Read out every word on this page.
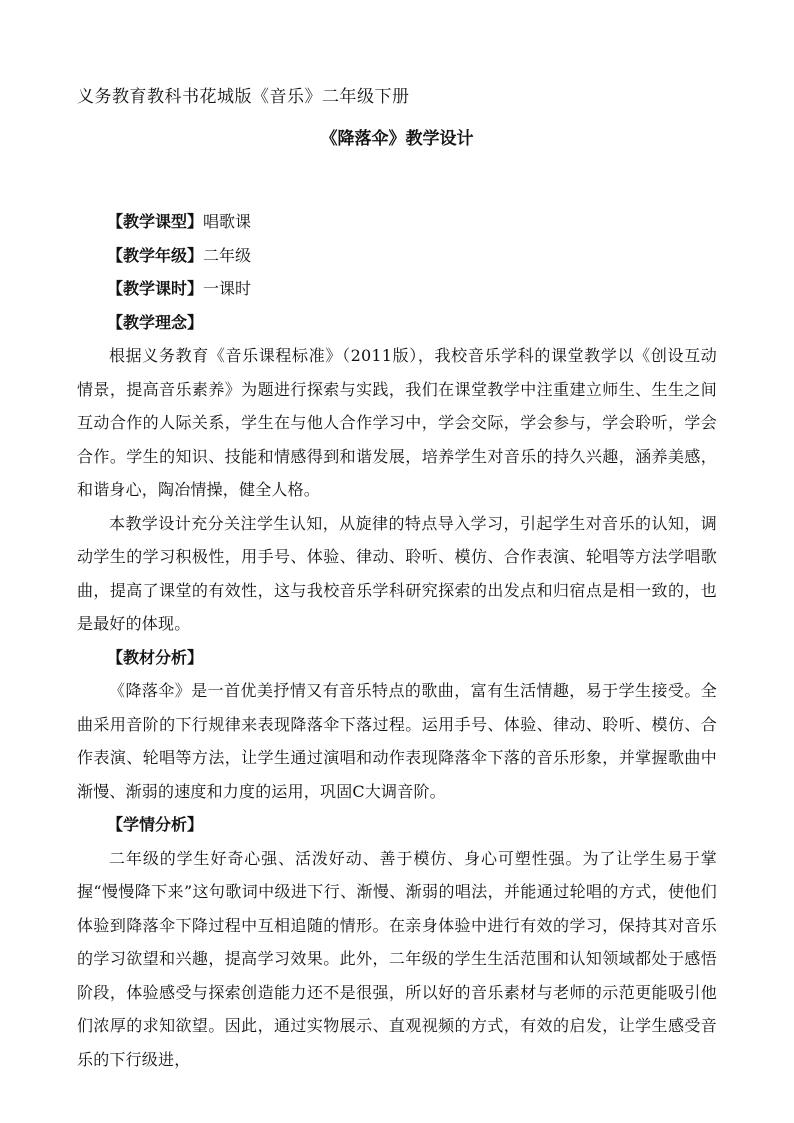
义务教育教科书花城版《音乐》二年级下册
《降落伞》教学设计

【教学课型】唱歌课

【教学年级】二年级

【教学课时】一课时

【教学理念】

根据义务教育《音乐课程标准》（2011版），我校音乐学科的课堂教学以《创设互动情景，提高音乐素养》为题进行探索与实践，我们在课堂教学中注重建立师生、生生之间互动合作的人际关系，学生在与他人合作学习中，学会交际，学会参与，学会聆听，学会合作。学生的知识、技能和情感得到和谐发展，培养学生对音乐的持久兴趣，涵养美感，和谐身心，陶冶情操，健全人格。

本教学设计充分关注学生认知，从旋律的特点导入学习，引起学生对音乐的认知，调动学生的学习积极性，用手号、体验、律动、聆听、模仿、合作表演、轮唱等方法学唱歌曲，提高了课堂的有效性，这与我校音乐学科研究探索的出发点和归宿点是相一致的，也是最好的体现。

【教材分析】

《降落伞》是一首优美抒情又有音乐特点的歌曲，富有生活情趣，易于学生接受。全曲采用音阶的下行规律来表现降落伞下落过程。运用手号、体验、律动、聆听、模仿、合作表演、轮唱等方法，让学生通过演唱和动作表现降落伞下落的音乐形象，并掌握歌曲中渐慢、渐弱的速度和力度的运用，巩固C大调音阶。

【学情分析】

二年级的学生好奇心强、活泼好动、善于模仿、身心可塑性强。为了让学生易于掌握“慢慢降下来”这句歌词中级进下行、渐慢、渐弱的唱法，并能通过轮唱的方式，使他们体验到降落伞下降过程中互相追随的情形。在亲身体验中进行有效的学习，保持其对音乐的学习欲望和兴趣，提高学习效果。此外，二年级的学生生活范围和认知领域都处于感悟阶段，体验感受与探索创造能力还不是很强，所以好的音乐素材与老师的示范更能吸引他们浓厚的求知欲望。因此，通过实物展示、直观视频的方式，有效的启发，让学生感受音乐的下行级进，
